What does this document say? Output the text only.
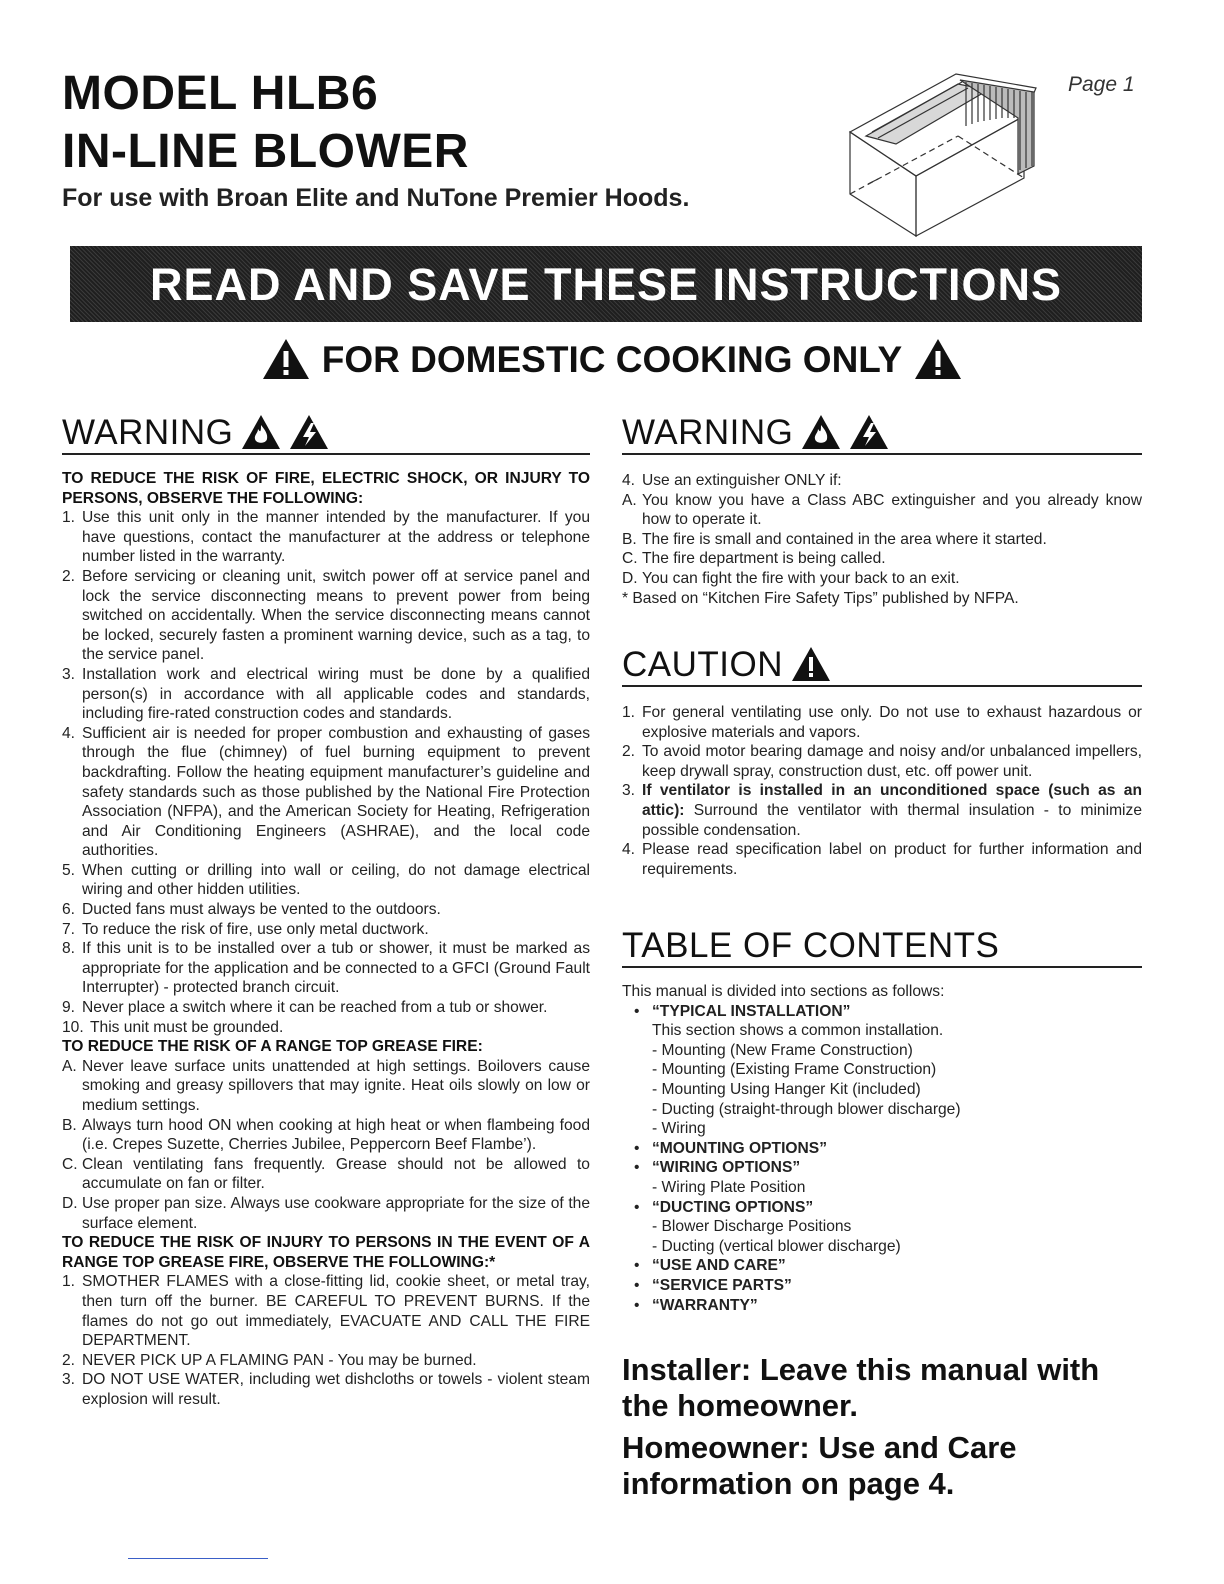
MODEL HLB6
IN-LINE BLOWER
For use with Broan Elite and NuTone Premier Hoods.
Page 1
READ AND SAVE THESE INSTRUCTIONS
FOR DOMESTIC COOKING ONLY
WARNING
TO REDUCE THE RISK OF FIRE, ELECTRIC SHOCK, OR INJURY TO PERSONS, OBSERVE THE FOLLOWING:
1. Use this unit only in the manner intended by the manufacturer. If you have questions, contact the manufacturer at the address or telephone number listed in the warranty.
2. Before servicing or cleaning unit, switch power off at service panel and lock the service disconnecting means to prevent power from being switched on accidentally. When the service disconnecting means cannot be locked, securely fasten a prominent warning device, such as a tag, to the service panel.
3. Installation work and electrical wiring must be done by a qualified person(s) in accordance with all applicable codes and standards, including fire-rated construction codes and standards.
4. Sufficient air is needed for proper combustion and exhausting of gases through the flue (chimney) of fuel burning equipment to prevent backdrafting. Follow the heating equipment manufacturer’s guideline and safety standards such as those published by the National Fire Protection Association (NFPA), and the American Society for Heating, Refrigeration and Air Conditioning Engineers (ASHRAE), and the local code authorities.
5. When cutting or drilling into wall or ceiling, do not damage electrical wiring and other hidden utilities.
6. Ducted fans must always be vented to the outdoors.
7. To reduce the risk of fire, use only metal ductwork.
8. If this unit is to be installed over a tub or shower, it must be marked as appropriate for the application and be connected to a GFCI (Ground Fault Interrupter) - protected branch circuit.
9. Never place a switch where it can be reached from a tub or shower.
10. This unit must be grounded.
TO REDUCE THE RISK OF A RANGE TOP GREASE FIRE:
A. Never leave surface units unattended at high settings. Boilovers cause smoking and greasy spillovers that may ignite. Heat oils slowly on low or medium settings.
B. Always turn hood ON when cooking at high heat or when flambeing food (i.e. Crepes Suzette, Cherries Jubilee, Peppercorn Beef Flambe’).
C. Clean ventilating fans frequently. Grease should not be allowed to accumulate on fan or filter.
D. Use proper pan size. Always use cookware appropriate for the size of the surface element.
TO REDUCE THE RISK OF INJURY TO PERSONS IN THE EVENT OF A RANGE TOP GREASE FIRE, OBSERVE THE FOLLOWING:*
1. SMOTHER FLAMES with a close-fitting lid, cookie sheet, or metal tray, then turn off the burner. BE CAREFUL TO PREVENT BURNS. If the flames do not go out immediately, EVACUATE AND CALL THE FIRE DEPARTMENT.
2. NEVER PICK UP A FLAMING PAN - You may be burned.
3. DO NOT USE WATER, including wet dishcloths or towels - violent steam explosion will result.
WARNING
4. Use an extinguisher ONLY if:
A. You know you have a Class ABC extinguisher and you already know how to operate it.
B. The fire is small and contained in the area where it started.
C. The fire department is being called.
D. You can fight the fire with your back to an exit.
* Based on “Kitchen Fire Safety Tips” published by NFPA.
CAUTION
1. For general ventilating use only. Do not use to exhaust hazardous or explosive materials and vapors.
2. To avoid motor bearing damage and noisy and/or unbalanced impellers, keep drywall spray, construction dust, etc. off power unit.
3. If ventilator is installed in an unconditioned space (such as an attic): Surround the ventilator with thermal insulation - to minimize possible condensation.
4. Please read specification label on product for further information and requirements.
TABLE OF CONTENTS
This manual is divided into sections as follows:
• “TYPICAL INSTALLATION”
This section shows a common installation.
- Mounting (New Frame Construction)
- Mounting (Existing Frame Construction)
- Mounting Using Hanger Kit (included)
- Ducting (straight-through blower discharge)
- Wiring
• “MOUNTING OPTIONS”
• “WIRING OPTIONS”
- Wiring Plate Position
• “DUCTING OPTIONS”
- Blower Discharge Positions
- Ducting (vertical blower discharge)
• “USE AND CARE”
• “SERVICE PARTS”
• “WARRANTY”
Installer: Leave this manual with the homeowner.
Homeowner: Use and Care information on page 4.
